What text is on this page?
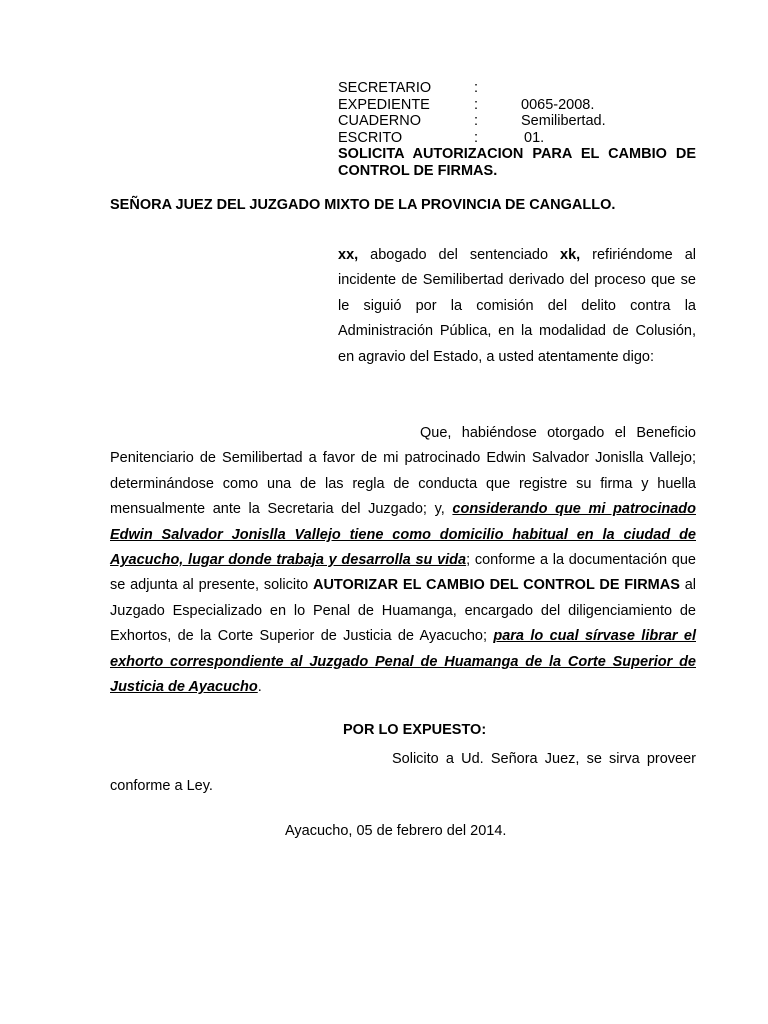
SECRETARIO	:
EXPEDIENTE	:	0065-2008.
CUADERNO	:	Semilibertad.
ESCRITO	:	01.
SOLICITA AUTORIZACION PARA EL CAMBIO DE CONTROL DE FIRMAS.
SEÑORA JUEZ DEL JUZGADO MIXTO DE LA PROVINCIA DE CANGALLO.
xx, abogado del sentenciado xk, refiriéndome al incidente de Semilibertad derivado del proceso que se le siguió por la comisión del delito contra la Administración Pública, en la modalidad de Colusión, en agravio del Estado, a usted atentamente digo:
Que, habiéndose otorgado el Beneficio Penitenciario de Semilibertad a favor de mi patrocinado Edwin Salvador Jonislla Vallejo; determinándose como una de las regla de conducta que registre su firma y huella mensualmente ante la Secretaria del Juzgado; y, considerando que mi patrocinado Edwin Salvador Jonislla Vallejo tiene como domicilio habitual en la ciudad de Ayacucho, lugar donde trabaja y desarrolla su vida; conforme a la documentación que se adjunta al presente, solicito AUTORIZAR EL CAMBIO DEL CONTROL DE FIRMAS al Juzgado Especializado en lo Penal de Huamanga, encargado del diligenciamiento de Exhortos, de la Corte Superior de Justicia de Ayacucho; para lo cual sírvase librar el exhorto correspondiente al Juzgado Penal de Huamanga de la Corte Superior de Justicia de Ayacucho.
POR LO EXPUESTO:
Solicito a Ud. Señora Juez, se sirva proveer conforme a Ley.
Ayacucho, 05 de febrero del 2014.
